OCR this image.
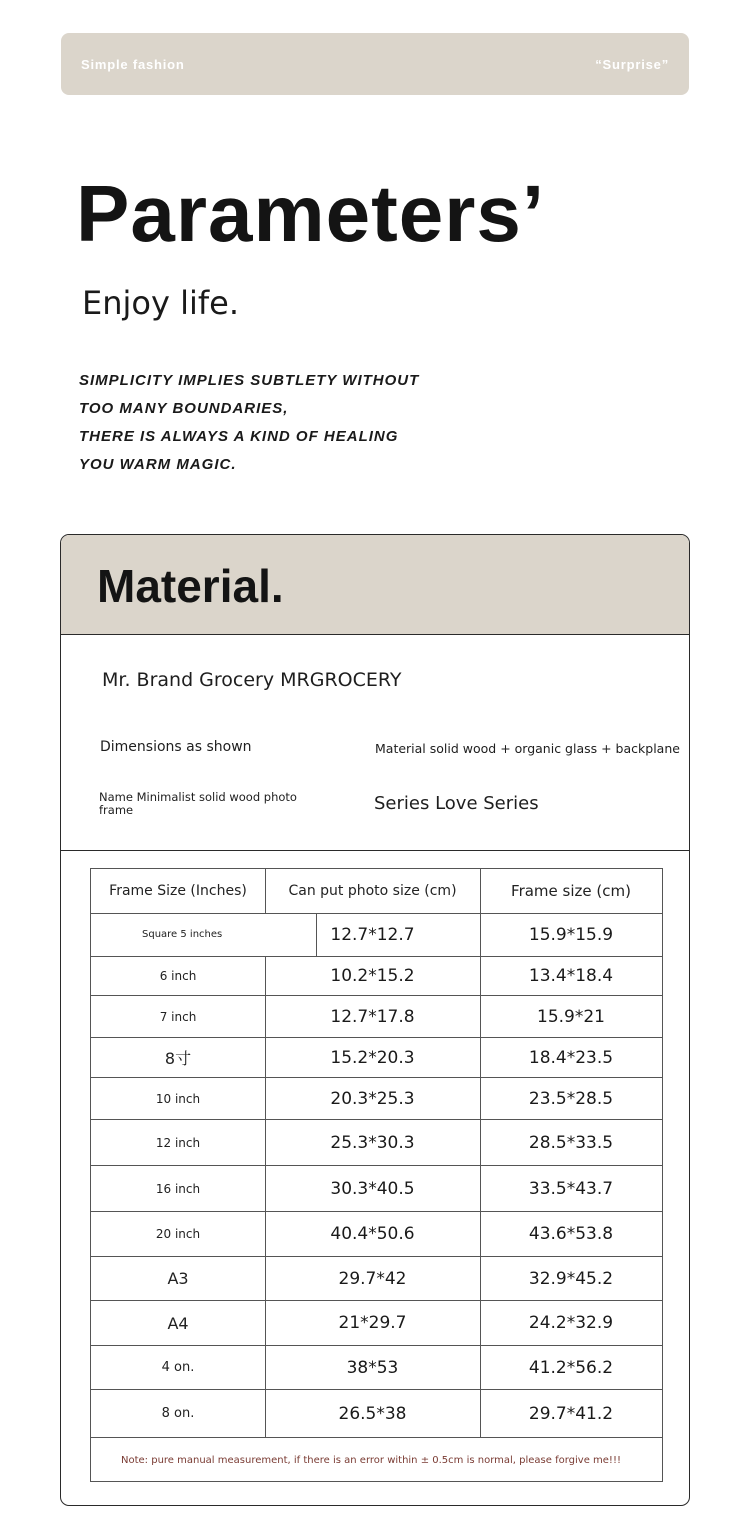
Simple fashion	“Surprise”
Parameters’
Enjoy life.
SIMPLICITY IMPLIES SUBTLETY WITHOUT
TOO MANY BOUNDARIES,
THERE IS ALWAYS A KIND OF HEALING
YOU WARM MAGIC.
Material.
Mr. Brand Grocery MRGROCERY
Dimensions as shown	Material solid wood + organic glass + backplane
Name Minimalist solid wood photo frame	Series Love Series
Frame Size (Inches)	Can put photo size (cm)	Frame size (cm)
Square 5 inches	12.7*12.7	15.9*15.9
6 inch	10.2*15.2	13.4*18.4
7 inch	12.7*17.8	15.9*21
8寸	15.2*20.3	18.4*23.5
10 inch	20.3*25.3	23.5*28.5
12 inch	25.3*30.3	28.5*33.5
16 inch	30.3*40.5	33.5*43.7
20 inch	40.4*50.6	43.6*53.8
A3	29.7*42	32.9*45.2
A4	21*29.7	24.2*32.9
4 on.	38*53	41.2*56.2
8 on.	26.5*38	29.7*41.2
Note: pure manual measurement, if there is an error within ± 0.5cm is normal, please forgive me!!!
